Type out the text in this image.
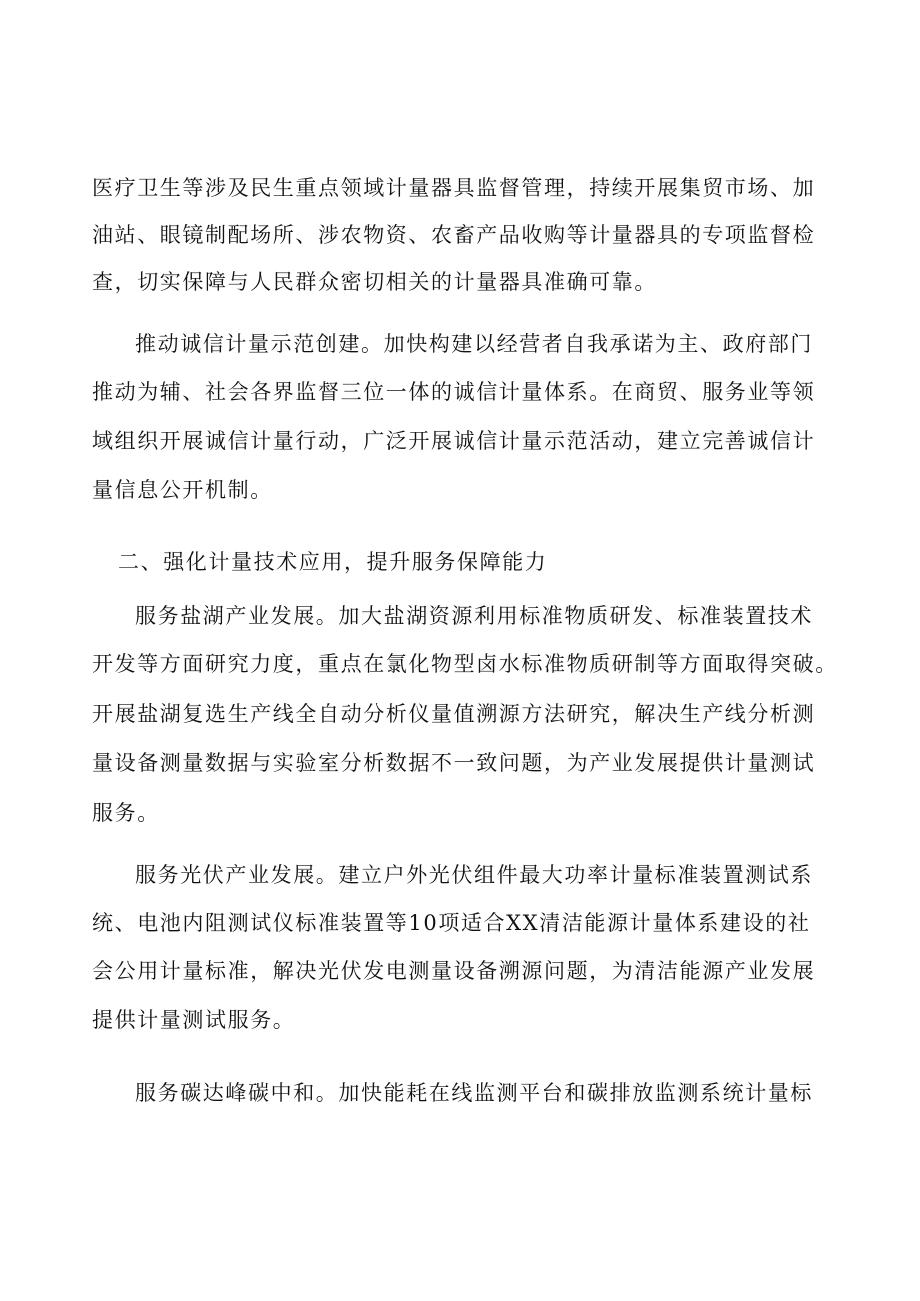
医疗卫生等涉及民生重点领域计量器具监督管理，持续开展集贸市场、加
油站、眼镜制配场所、涉农物资、农畜产品收购等计量器具的专项监督检
查，切实保障与人民群众密切相关的计量器具准确可靠。
推动诚信计量示范创建。加快构建以经营者自我承诺为主、政府部门
推动为辅、社会各界监督三位一体的诚信计量体系。在商贸、服务业等领
域组织开展诚信计量行动，广泛开展诚信计量示范活动，建立完善诚信计
量信息公开机制。
二、强化计量技术应用，提升服务保障能力
服务盐湖产业发展。加大盐湖资源利用标准物质研发、标准装置技术
开发等方面研究力度，重点在氯化物型卤水标准物质研制等方面取得突破。
开展盐湖复选生产线全自动分析仪量值溯源方法研究，解决生产线分析测
量设备测量数据与实验室分析数据不一致问题，为产业发展提供计量测试
服务。
服务光伏产业发展。建立户外光伏组件最大功率计量标准装置测试系
统、电池内阻测试仪标准装置等10项适合XX清洁能源计量体系建设的社
会公用计量标准，解决光伏发电测量设备溯源问题，为清洁能源产业发展
提供计量测试服务。
服务碳达峰碳中和。加快能耗在线监测平台和碳排放监测系统计量标
